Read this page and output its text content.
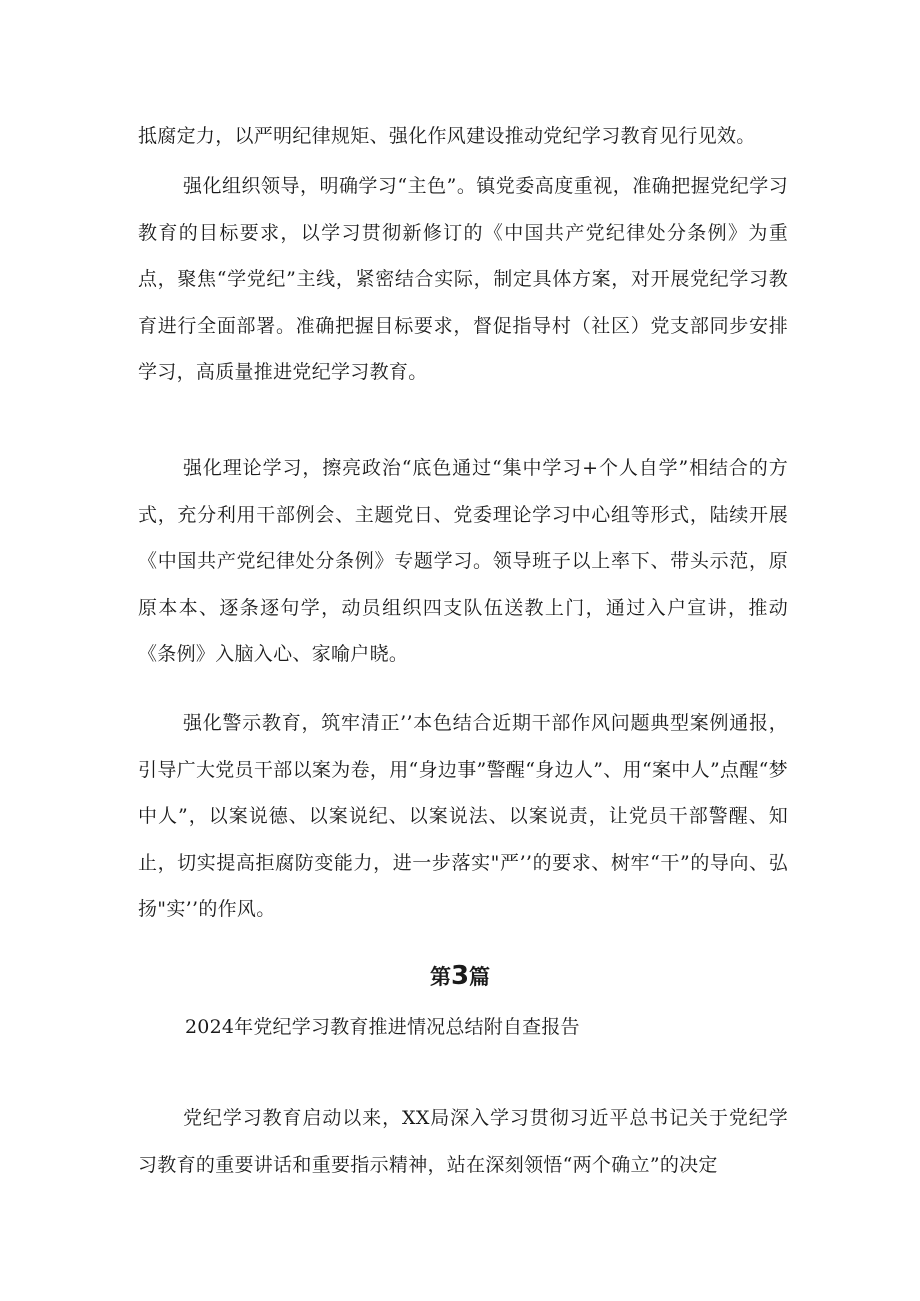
抵腐定力，以严明纪律规矩、强化作风建设推动党纪学习教育见行见效。

强化组织领导，明确学习“主色”。镇党委高度重视，准确把握党纪学习教育的目标要求，以学习贯彻新修订的《中国共产党纪律处分条例》为重点，聚焦“学党纪”主线，紧密结合实际，制定具体方案，对开展党纪学习教育进行全面部署。准确把握目标要求，督促指导村（社区）党支部同步安排学习，高质量推进党纪学习教育。

强化理论学习，擦亮政治“底色通过“集中学习+个人自学”相结合的方式，充分利用干部例会、主题党日、党委理论学习中心组等形式，陆续开展《中国共产党纪律处分条例》专题学习。领导班子以上率下、带头示范，原原本本、逐条逐句学，动员组织四支队伍送教上门，通过入户宣讲，推动《条例》入脑入心、家喻户晓。

强化警示教育，筑牢清正’’本色结合近期干部作风问题典型案例通报，引导广大党员干部以案为卷，用“身边事”警醒“身边人”、用“案中人”点醒“梦中人”，以案说德、以案说纪、以案说法、以案说责，让党员干部警醒、知止，切实提高拒腐防变能力，进一步落实"严’’的要求、树牢“干”的导向、弘扬"实’’的作风。

第3篇

2024年党纪学习教育推进情况总结附自查报告

党纪学习教育启动以来，XX局深入学习贯彻习近平总书记关于党纪学习教育的重要讲话和重要指示精神，站在深刻领悟“两个确立”的决定
